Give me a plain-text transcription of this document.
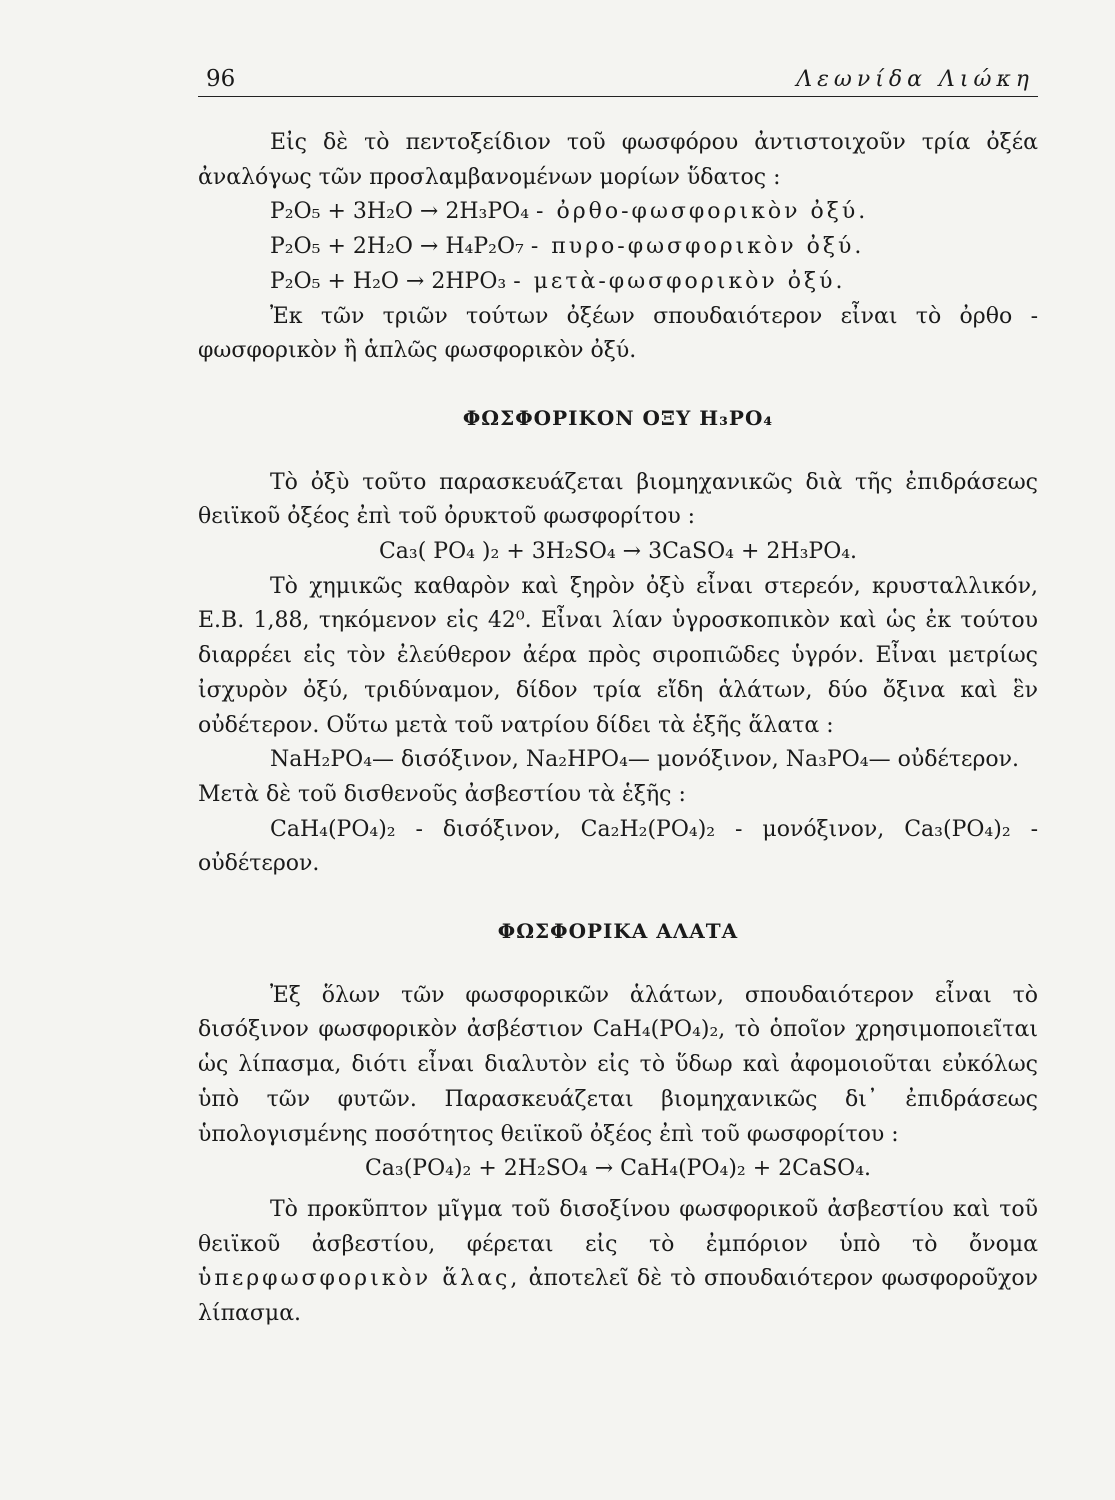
96	Λεωνίδα Λιώκη

Εἰς δὲ τὸ πεντοξείδιον τοῦ φωσφόρου ἀντιστοιχοῦν τρία ὀξέα ἀναλόγως τῶν προσλαμβανομένων μορίων ὕδατος :

P₂O₅ + 3H₂O → 2H₃PO₄ - ὀρθο-φωσφορικὸν ὀξύ.

P₂O₅ + 2H₂O → H₄P₂O₇ - πυρο-φωσφορικὸν ὀξύ.

P₂O₅ + H₂O → 2HPO₃ - μετὰ-φωσφορικὸν ὀξύ.

Ἐκ τῶν τριῶν τούτων ὀξέων σπουδαιότερον εἶναι τὸ ὀρθο - φωσφορικὸν ἢ ἁπλῶς φωσφορικὸν ὀξύ.

ΦΩΣΦΟΡΙΚΟΝ ΟΞΥ H₃PO₄

Τὸ ὀξὺ τοῦτο παρασκευάζεται βιομηχανικῶς διὰ τῆς ἐπιδράσεως θειϊκοῦ ὀξέος ἐπὶ τοῦ ὀρυκτοῦ φωσφορίτου :

Ca₃( PO₄ )₂ + 3H₂SO₄ → 3CaSO₄ + 2H₃PO₄.

Τὸ χημικῶς καθαρὸν καὶ ξηρὸν ὀξὺ εἶναι στερεόν, κρυσταλλικόν, Ε.Β. 1,88, τηκόμενον εἰς 42⁰. Εἶναι λίαν ὑγροσκοπικὸν καὶ ὡς ἐκ τούτου διαρρέει εἰς τὸν ἐλεύθερον ἀέρα πρὸς σιροπιῶδες ὑγρόν. Εἶναι μετρίως ἰσχυρὸν ὀξύ, τριδύναμον, δίδον τρία εἴδη ἁλάτων, δύο ὄξινα καὶ ἓν οὐδέτερον. Οὕτω μετὰ τοῦ νατρίου δίδει τὰ ἑξῆς ἅλατα :

NaH₂PO₄— δισόξινον, Na₂HPO₄— μονόξινον, Na₃PO₄— οὐδέτερον.

Μετὰ δὲ τοῦ δισθενοῦς ἀσβεστίου τὰ ἑξῆς :

CaH₄(PO₄)₂ - δισόξινον, Ca₂H₂(PO₄)₂ - μονόξινον, Ca₃(PO₄)₂ - οὐδέτερον.

ΦΩΣΦΟΡΙΚΑ ΑΛΑΤΑ

Ἐξ ὅλων τῶν φωσφορικῶν ἁλάτων, σπουδαιότερον εἶναι τὸ δισόξινον φωσφορικὸν ἀσβέστιον CaH₄(PO₄)₂, τὸ ὁποῖον χρησιμοποιεῖται ὡς λίπασμα, διότι εἶναι διαλυτὸν εἰς τὸ ὕδωρ καὶ ἀφομοιοῦται εὐκόλως ὑπὸ τῶν φυτῶν. Παρασκευάζεται βιομηχανικῶς δι᾽ ἐπιδράσεως ὑπολογισμένης ποσότητος θειϊκοῦ ὀξέος ἐπὶ τοῦ φωσφορίτου :

Ca₃(PO₄)₂ + 2H₂SO₄ → CaH₄(PO₄)₂ + 2CaSO₄.

Τὸ προκῦπτον μῖγμα τοῦ δισοξίνου φωσφορικοῦ ἀσβεστίου καὶ τοῦ θειϊκοῦ ἀσβεστίου, φέρεται εἰς τὸ ἐμπόριον ὑπὸ τὸ ὄνομα ὑπερφωσφορικὸν ἅλας, ἀποτελεῖ δὲ τὸ σπουδαιότερον φωσφοροῦχον λίπασμα.
